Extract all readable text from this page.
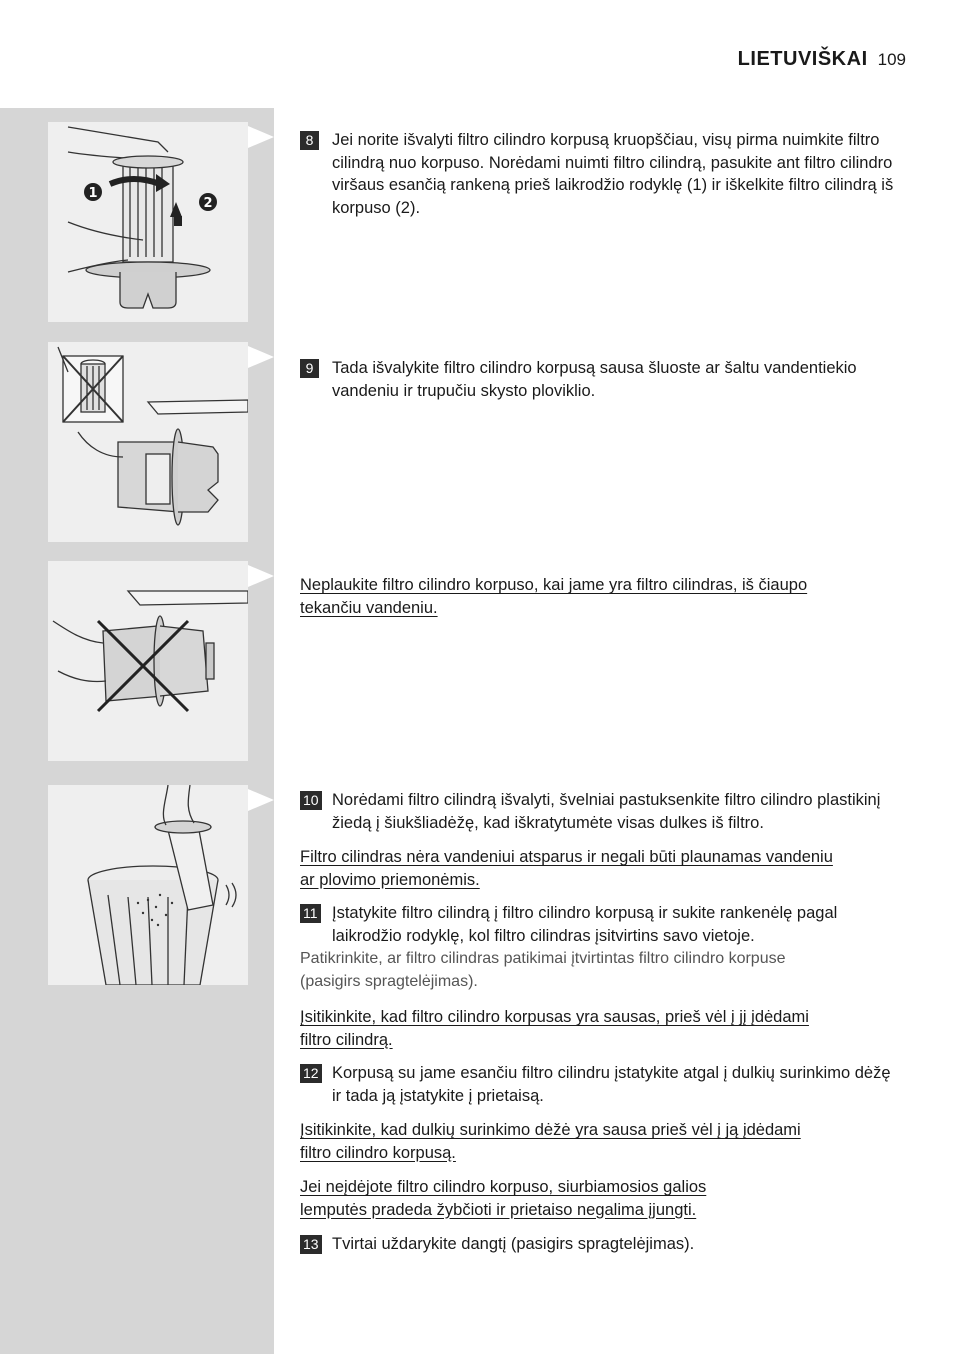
LIETUVIŠKAI 109
1
2
8	Jei norite išvalyti filtro cilindro korpusą kruopščiau, visų pirma nuimkite filtro cilindrą nuo korpuso. Norėdami nuimti filtro cilindrą, pasukite ant filtro cilindro viršaus esančią rankeną prieš laikrodžio rodyklę (1) ir iškelkite filtro cilindrą iš korpuso (2).
9	Tada išvalykite filtro cilindro korpusą sausa šluoste ar šaltu vandentiekio vandeniu ir trupučiu skysto ploviklio.
Neplaukite filtro cilindro korpuso, kai jame yra filtro cilindras, iš čiaupo
tekančiu vandeniu.
10 Norėdami filtro cilindrą išvalyti, švelniai pastuksenkite filtro cilindro plastikinį žiedą į šiukšliadėžę, kad iškratytumėte visas dulkes iš filtro.
Filtro cilindras nėra vandeniui atsparus ir negali būti plaunamas vandeniu
ar plovimo priemonėmis.
11 Įstatykite filtro cilindrą į filtro cilindro korpusą ir sukite rankenėlę pagal laikrodžio rodyklę, kol filtro cilindras įsitvirtins savo vietoje.
Patikrinkite, ar filtro cilindras patikimai įtvirtintas filtro cilindro korpuse
(pasigirs spragtelėjimas).
Įsitikinkite, kad filtro cilindro korpusas yra sausas, prieš vėl į jį įdėdami
filtro cilindrą.
12 Korpusą su jame esančiu filtro cilindru įstatykite atgal į dulkių surinkimo dėžę ir tada ją įstatykite į prietaisą.
Įsitikinkite, kad dulkių surinkimo dėžė yra sausa prieš vėl į ją įdėdami
filtro cilindro korpusą.
Jei neįdėjote filtro cilindro korpuso, siurbiamosios galios
lemputės pradeda žybčioti ir prietaiso negalima įjungti.
13 Tvirtai uždarykite dangtį (pasigirs spragtelėjimas).
